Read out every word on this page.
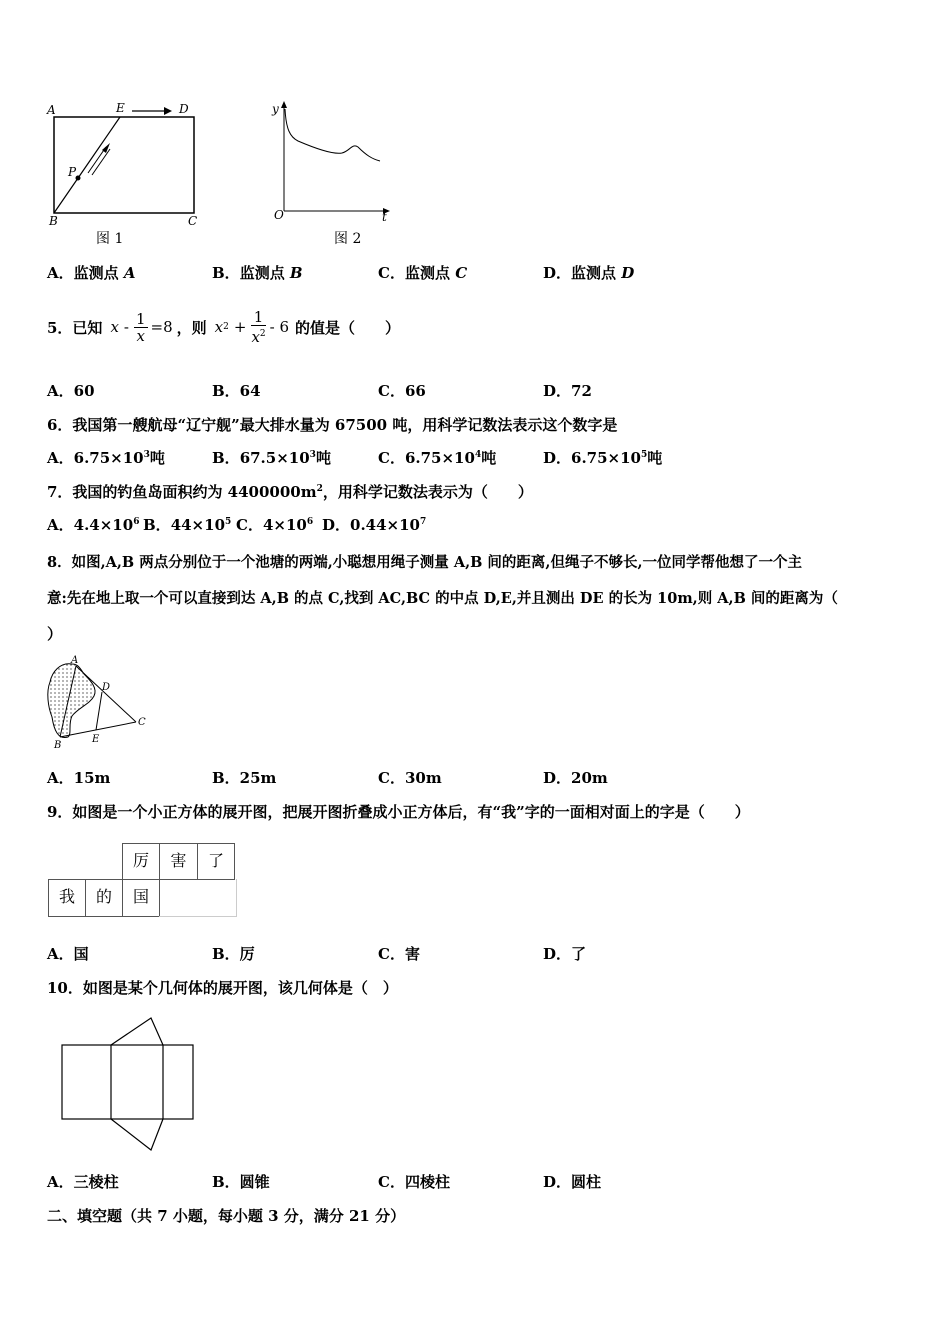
A	E	D
P
B	C
图 1
y
O	t
图 2
A．监测点 A	B．监测点 B	C．监测点 C	D．监测点 D
5．已知 $x - \frac{1}{x} =8$ ，则 x $2 + \frac{1}{x^2} - 6$ 的值是（　　）
A．60	B．64	C．66	D．72
6．我国第一艘航母“辽宁舰”最大排水量为 67500 吨，用科学记数法表示这个数字是
A．$6.75\times 10^3$吨	B．$67.5\times 10^3$吨	C．$6.75\times 10^4$吨	D．$6.75\times 10^5$吨
7．我国的钓鱼岛面积约为 $4400000m^2$，用科学记数法表示为（　　）
A．$4.4\times 10^6$ B．$44\times 10^5$ C．$4\times 10^6$ D．$0.44\times 10^7$
8．如图,A,B 两点分别位于一个池塘的两端,小聪想用绳子测量 A,B 间的距离,但绳子不够长,一位同学帮他想了一个主
意:先在地上取一个可以直接到达 A,B 的点 C,找到 AC,BC 的中点 D,E,并且测出 DE 的长为 10m,则 A,B 间的距离为（
）
A
D
C
B
E
A．15m	B．25m	C．30m	D．20m
9．如图是一个小正方体的展开图，把展开图折叠成小正方体后，有“我”字的一面相对面上的字是（　　）
厉	害	了
我	的	国
A．国	B．厉	C．害	D．了
10．如图是某个几何体的展开图，该几何体是（　）
A．三棱柱	B．圆锥	C．四棱柱	D．圆柱
二、填空题（共 7 小题，每小题 3 分，满分 21 分）
